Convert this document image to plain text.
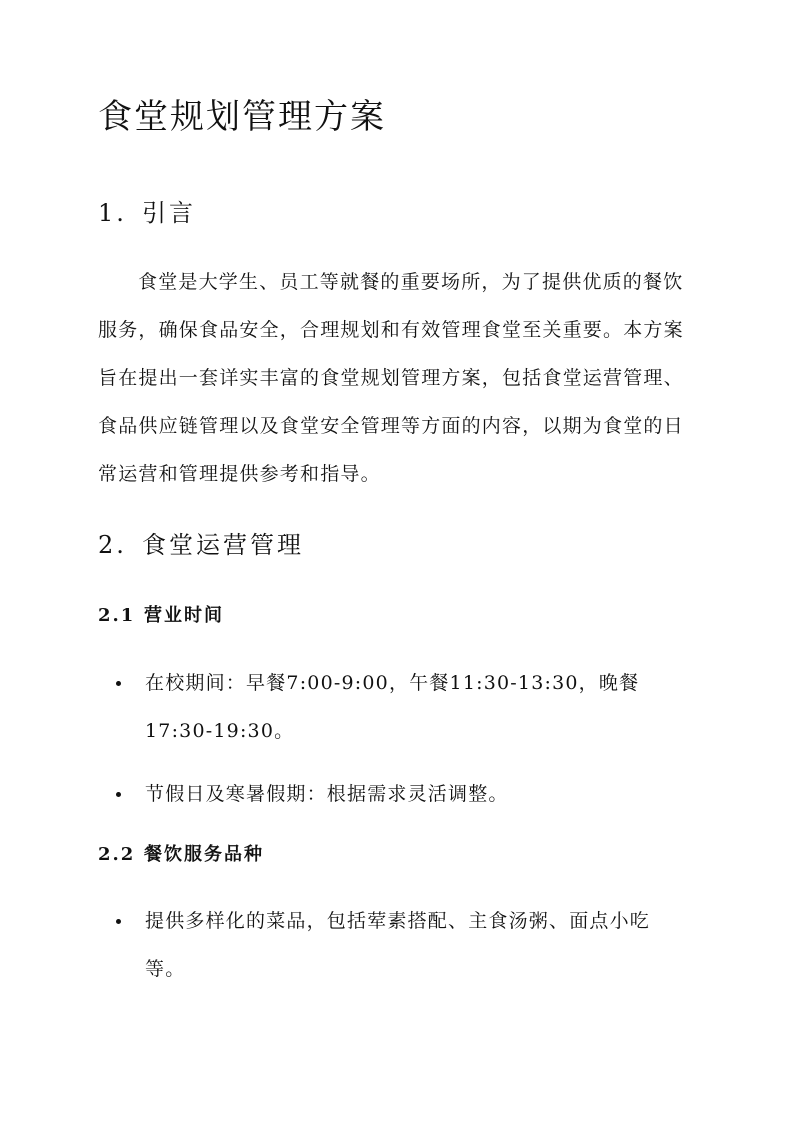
食堂规划管理方案
1. 引言

食堂是大学生、员工等就餐的重要场所，为了提供优质的餐饮服务，确保食品安全，合理规划和有效管理食堂至关重要。本方案旨在提出一套详实丰富的食堂规划管理方案，包括食堂运营管理、食品供应链管理以及食堂安全管理等方面的内容，以期为食堂的日常运营和管理提供参考和指导。

2. 食堂运营管理
2.1 营业时间

在校期间：早餐7:00-9:00，午餐11:30-13:30，晚餐17:30-19:30。

节假日及寒暑假期：根据需求灵活调整。

2.2 餐饮服务品种

提供多样化的菜品，包括荤素搭配、主食汤粥、面点小吃等。
